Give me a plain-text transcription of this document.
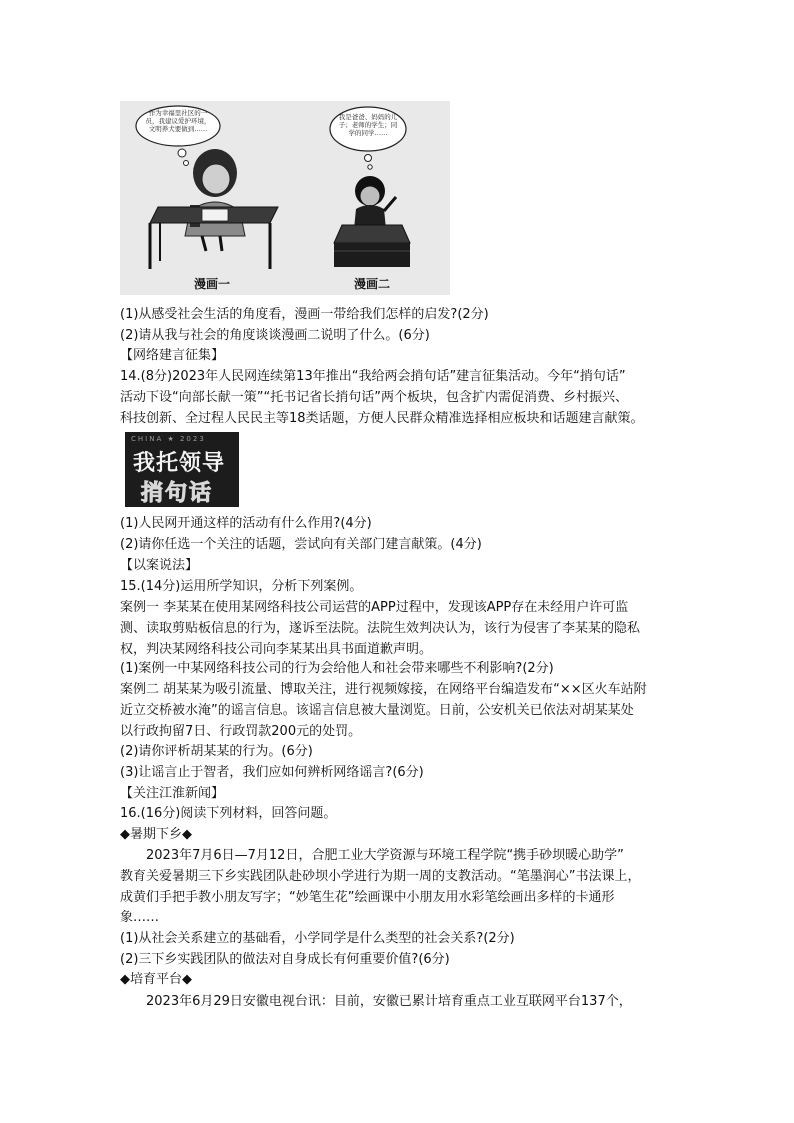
作为幸福里社区的一员，我建议爱护环境，文明养犬要做到……
我是爸爸、妈妈的儿子；老师的学生；同学的同学……
漫画一	漫画二
CHINA ★ 2023
我托领导
捎句话
(1)从感受社会生活的角度看，漫画一带给我们怎样的启发?(2分)
(2)请从我与社会的角度谈谈漫画二说明了什么。(6分)
【网络建言征集】
14.(8分)2023年人民网连续第13年推出“我给两会捎句话”建言征集活动。今年“捎句话”
活动下设“向部长献一策”“托书记省长捎句话”两个板块，包含扩内需促消费、乡村振兴、
科技创新、全过程人民民主等18类话题，方便人民群众精准选择相应板块和话题建言献策。
(1)人民网开通这样的活动有什么作用?(4分)
(2)请你任选一个关注的话题，尝试向有关部门建言献策。(4分)
【以案说法】
15.(14分)运用所学知识，分析下列案例。
案例一 李某某在使用某网络科技公司运营的APP过程中，发现该APP存在未经用户许可监
测、读取剪贴板信息的行为，遂诉至法院。法院生效判决认为，该行为侵害了李某某的隐私
权，判决某网络科技公司向李某某出具书面道歉声明。
(1)案例一中某网络科技公司的行为会给他人和社会带来哪些不利影响?(2分)
案例二 胡某某为吸引流量、博取关注，进行视频嫁接，在网络平台编造发布“××区火车站附
近立交桥被水淹”的谣言信息。该谣言信息被大量浏览。日前，公安机关已依法对胡某某处
以行政拘留7日、行政罚款200元的处罚。
(2)请你评析胡某某的行为。(6分)
(3)让谣言止于智者，我们应如何辨析网络谣言?(6分)
【关注江淮新闻】
16.(16分)阅读下列材料，回答问题。
◆暑期下乡◆
2023年7月6日—7月12日，合肥工业大学资源与环境工程学院“携手砂坝暖心助学”
教育关爱暑期三下乡实践团队赴砂坝小学进行为期一周的支教活动。“笔墨润心”书法课上，
成黄们手把手教小朋友写字；“妙笔生花”绘画课中小朋友用水彩笔绘画出多样的卡通形
象……
(1)从社会关系建立的基础看，小学同学是什么类型的社会关系?(2分)
(2)三下乡实践团队的做法对自身成长有何重要价值?(6分)
◆培育平台◆
2023年6月29日安徽电视台讯：目前，安徽已累计培育重点工业互联网平台137个，
